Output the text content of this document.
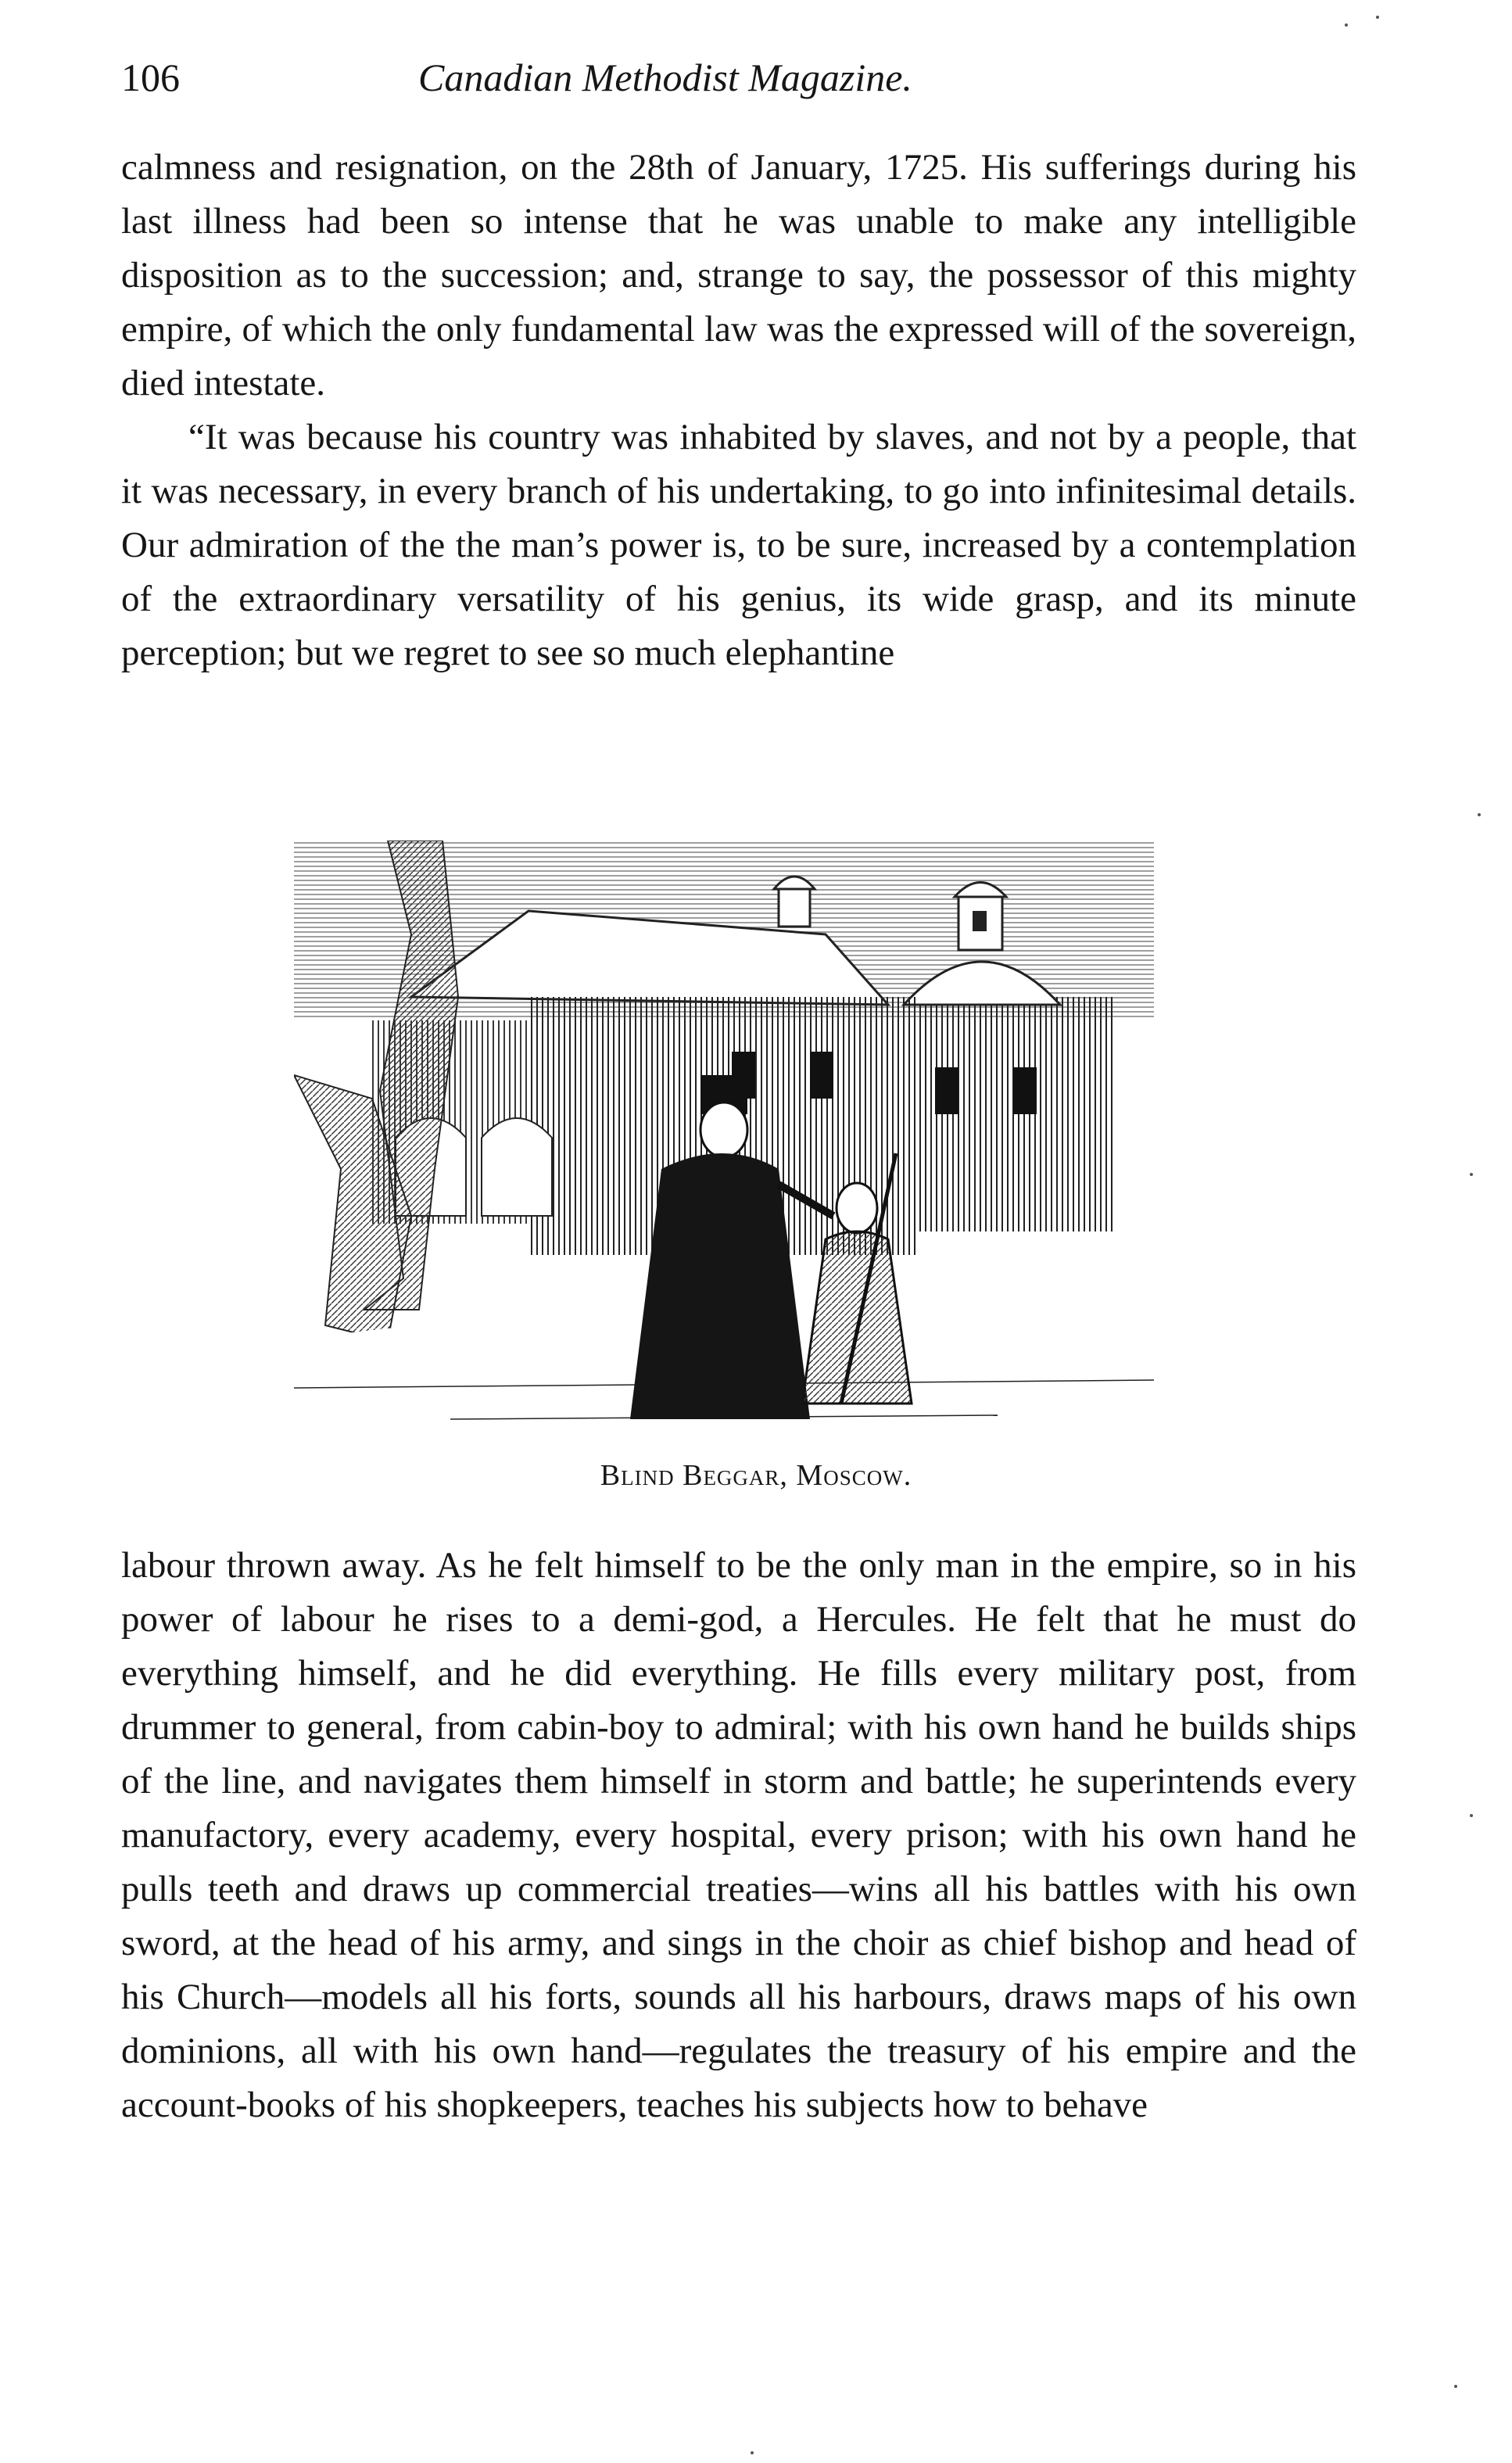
106	Canadian Methodist Magazine.

calmness and resignation, on the 28th of January, 1725. His sufferings during his last illness had been so intense that he was unable to make any intelligible disposition as to the succession; and, strange to say, the possessor of this mighty empire, of which the only fundamental law was the expressed will of the sovereign, died intestate.

“It was because his country was inhabited by slaves, and not by a people, that it was necessary, in every branch of his undertaking, to go into infinitesimal details. Our admiration of the the man’s power is, to be sure, increased by a contemplation of the extraordinary versatility of his genius, its wide grasp, and its minute perception; but we regret to see so much elephantine

Blind Beggar, Moscow.

labour thrown away. As he felt himself to be the only man in the empire, so in his power of labour he rises to a demi-god, a Hercules. He felt that he must do everything himself, and he did everything. He fills every military post, from drummer to general, from cabin-boy to admiral; with his own hand he builds ships of the line, and navigates them himself in storm and battle; he superintends every manufactory, every academy, every hospital, every prison; with his own hand he pulls teeth and draws up commercial treaties—wins all his battles with his own sword, at the head of his army, and sings in the choir as chief bishop and head of his Church—models all his forts, sounds all his harbours, draws maps of his own dominions, all with his own hand—regulates the treasury of his empire and the account-books of his shopkeepers, teaches his subjects how to behave
